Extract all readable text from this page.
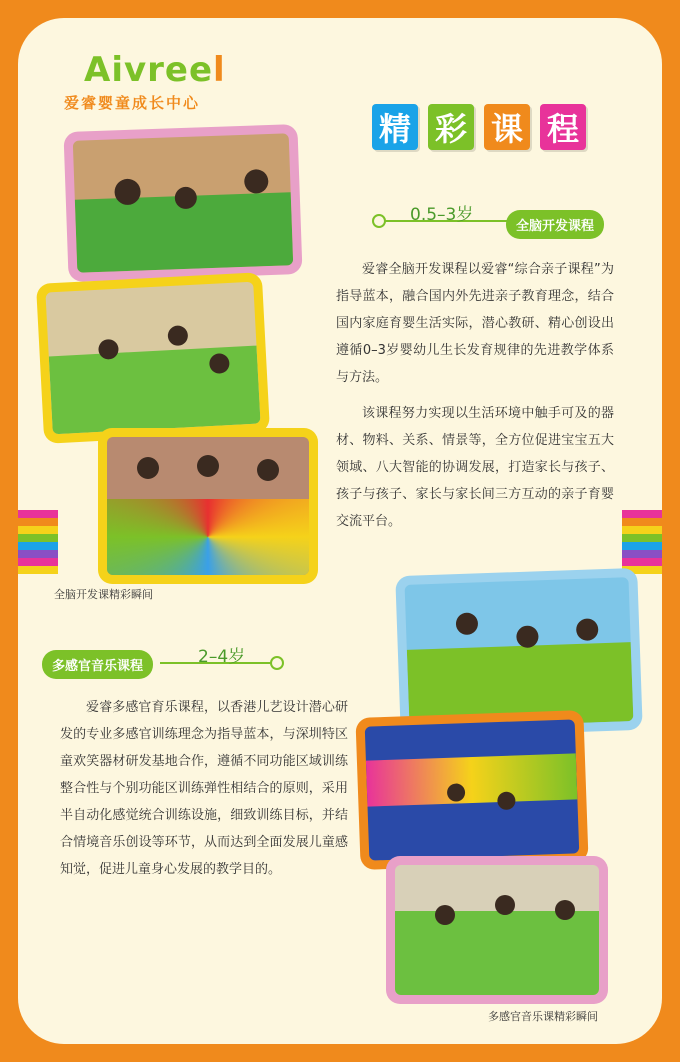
Aivreel
爱睿婴童成长中心
精 彩 课 程
全脑开发课精彩瞬间
0.5–3岁
全脑开发课程

爱睿全脑开发课程以爱睿“综合亲子课程”为指导蓝本，融合国内外先进亲子教育理念，结合国内家庭育婴生活实际，潜心教研、精心创设出遵循0–3岁婴幼儿生长发育规律的先进教学体系与方法。

该课程努力实现以生活环境中触手可及的器材、物料、关系、情景等，全方位促进宝宝五大领域、八大智能的协调发展，打造家长与孩子、孩子与孩子、家长与家长间三方互动的亲子育婴交流平台。

多感官音乐课程	2–4岁

爱睿多感官育乐课程，以香港儿艺设计潜心研发的专业多感官训练理念为指导蓝本，与深圳特区童欢笑器材研发基地合作，遵循不同功能区域训练整合性与个别功能区训练弹性相结合的原则，采用半自动化感觉统合训练设施，细致训练目标，并结合情境音乐创设等环节，从而达到全面发展儿童感知觉，促进儿童身心发展的教学目的。

多感官音乐课精彩瞬间
